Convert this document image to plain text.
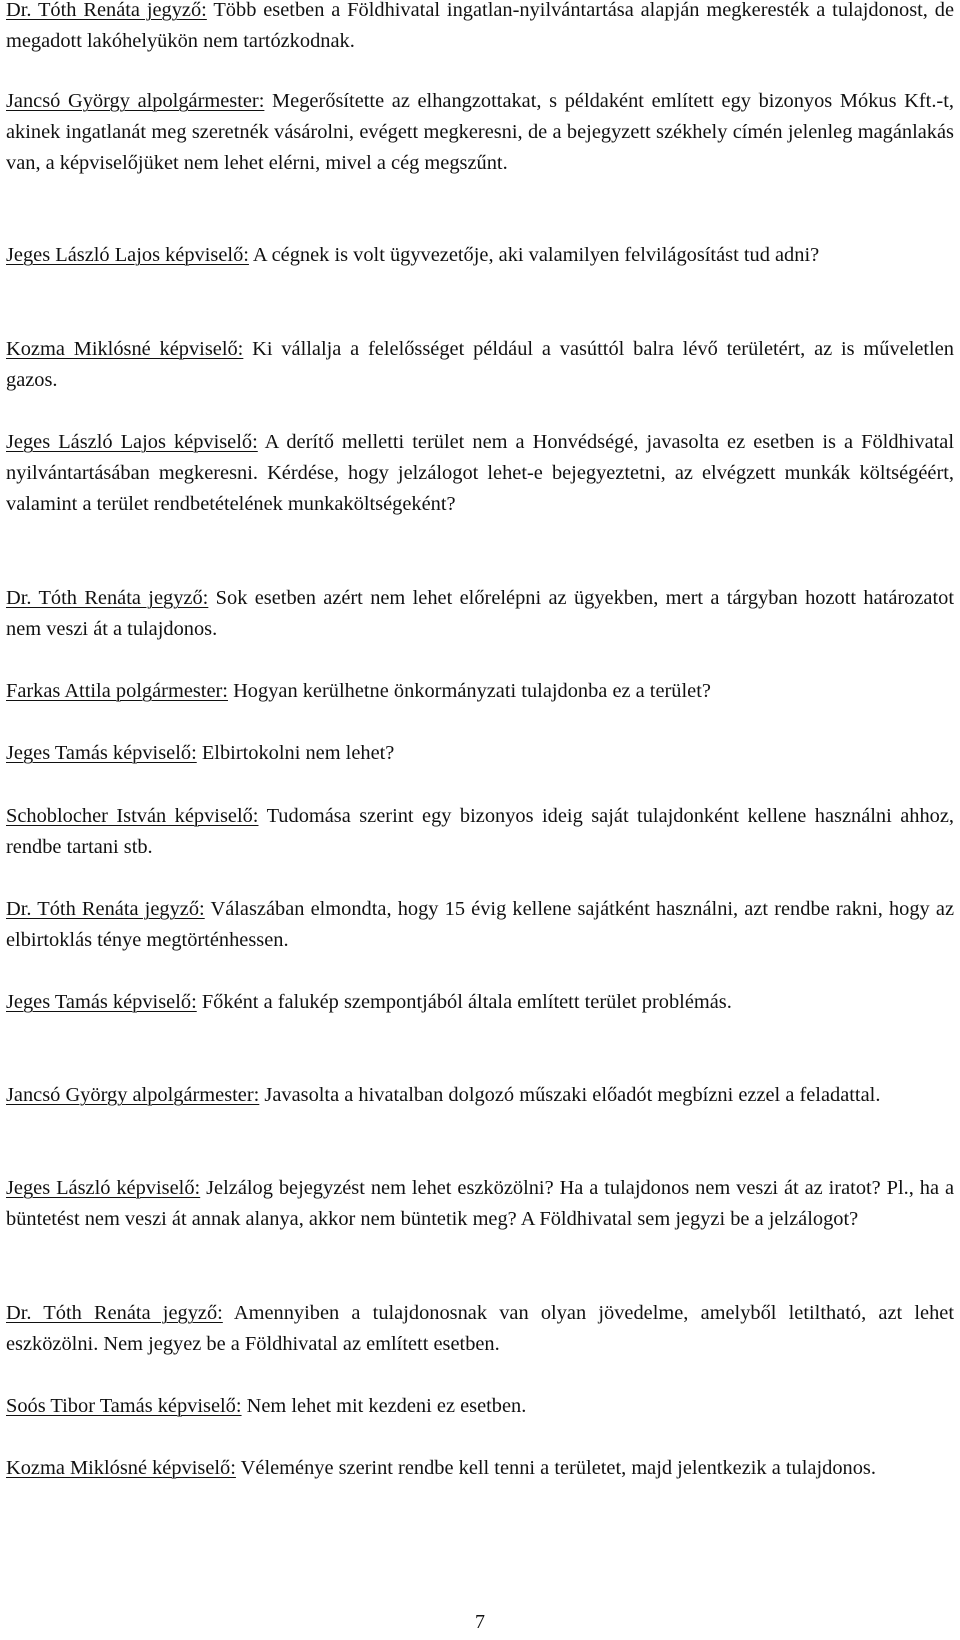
Dr. Tóth Renáta jegyző: Több esetben a Földhivatal ingatlan-nyilvántartása alapján megkeresték a tulajdonost, de megadott lakóhelyükön nem tartózkodnak.

Jancsó György alpolgármester: Megerősítette az elhangzottakat, s példaként említett egy bizonyos Mókus Kft.-t, akinek ingatlanát meg szeretnék vásárolni, evégett megkeresni, de a bejegyzett székhely címén jelenleg magánlakás van, a képviselőjüket nem lehet elérni, mivel a cég megszűnt.

Jeges László Lajos képviselő: A cégnek is volt ügyvezetője, aki valamilyen felvilágosítást tud adni?

Kozma Miklósné képviselő: Ki vállalja a felelősséget például a vasúttól balra lévő területért, az is műveletlen gazos.

Jeges László Lajos képviselő: A derítő melletti terület nem a Honvédségé, javasolta ez esetben is a Földhivatal nyilvántartásában megkeresni. Kérdése, hogy jelzálogot lehet-e bejegyeztetni, az elvégzett munkák költségéért, valamint a terület rendbetételének munkaköltségeként?

Dr. Tóth Renáta jegyző: Sok esetben azért nem lehet előrelépni az ügyekben, mert a tárgyban hozott határozatot nem veszi át a tulajdonos.

Farkas Attila polgármester: Hogyan kerülhetne önkormányzati tulajdonba ez a terület?

Jeges Tamás képviselő: Elbirtokolni nem lehet?

Schoblocher István képviselő: Tudomása szerint egy bizonyos ideig saját tulajdonként kellene használni ahhoz, rendbe tartani stb.

Dr. Tóth Renáta jegyző: Válaszában elmondta, hogy 15 évig kellene sajátként használni, azt rendbe rakni, hogy az elbirtoklás ténye megtörténhessen.

Jeges Tamás képviselő: Főként a falukép szempontjából általa említett terület problémás.

Jancsó György alpolgármester: Javasolta a hivatalban dolgozó műszaki előadót megbízni ezzel a feladattal.

Jeges László képviselő: Jelzálog bejegyzést nem lehet eszközölni? Ha a tulajdonos nem veszi át az iratot? Pl., ha a büntetést nem veszi át annak alanya, akkor nem büntetik meg? A Földhivatal sem jegyzi be a jelzálogot?

Dr. Tóth Renáta jegyző: Amennyiben a tulajdonosnak van olyan jövedelme, amelyből letiltható, azt lehet eszközölni. Nem jegyez be a Földhivatal az említett esetben.

Soós Tibor Tamás képviselő: Nem lehet mit kezdeni ez esetben.

Kozma Miklósné képviselő: Véleménye szerint rendbe kell tenni a területet, majd jelentkezik a tulajdonos.

7
